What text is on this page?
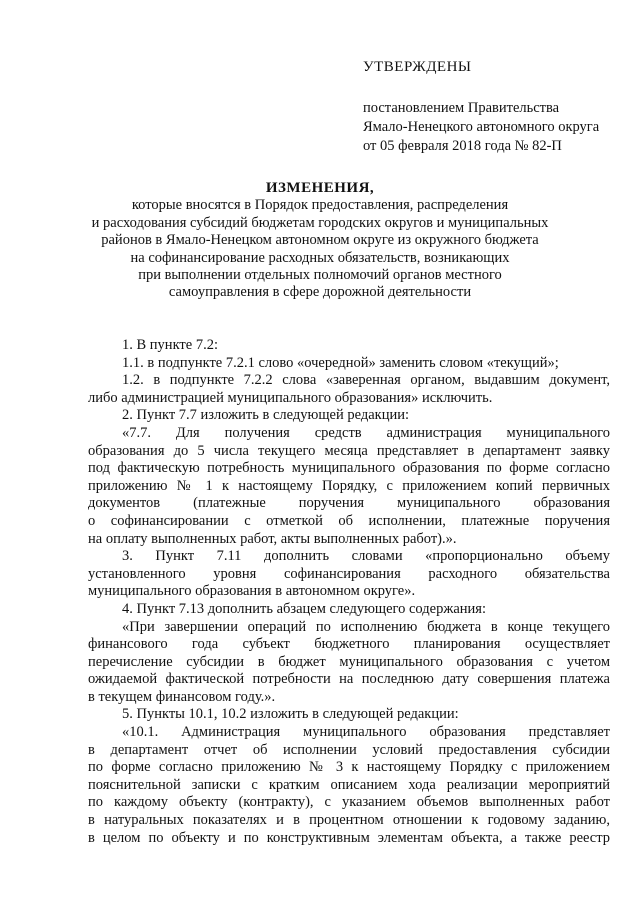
УТВЕРЖДЕНЫ
постановлением Правительства
Ямало-Ненецкого автономного округа
от 05 февраля 2018 года № 82-П
ИЗМЕНЕНИЯ,
которые вносятся в Порядок предоставления, распределения
и расходования субсидий бюджетам городских округов и муниципальных
районов в Ямало-Ненецком автономном округе из окружного бюджета
на софинансирование расходных обязательств, возникающих
при выполнении отдельных полномочий органов местного
самоуправления в сфере дорожной деятельности
1. В пункте 7.2:
1.1. в подпункте 7.2.1 слово «очередной» заменить словом «текущий»;
1.2. в подпункте 7.2.2 слова «заверенная органом, выдавшим документ,
либо администрацией муниципального образования» исключить.
2. Пункт 7.7 изложить в следующей редакции:
«7.7. Для получения средств администрация муниципального
образования до 5 числа текущего месяца представляет в департамент заявку
под фактическую потребность муниципального образования по форме согласно
приложению № 1 к настоящему Порядку, с приложением копий первичных
документов (платежные поручения муниципального образования
о софинансировании с отметкой об исполнении, платежные поручения
на оплату выполненных работ, акты выполненных работ).».
3. Пункт 7.11 дополнить словами «пропорционально объему
установленного уровня софинансирования расходного обязательства
муниципального образования в автономном округе».
4. Пункт 7.13 дополнить абзацем следующего содержания:
«При завершении операций по исполнению бюджета в конце текущего
финансового года субъект бюджетного планирования осуществляет
перечисление субсидии в бюджет муниципального образования с учетом
ожидаемой фактической потребности на последнюю дату совершения платежа
в текущем финансовом году.».
5. Пункты 10.1, 10.2 изложить в следующей редакции:
«10.1. Администрация муниципального образования представляет
в департамент отчет об исполнении условий предоставления субсидии
по форме согласно приложению № 3 к настоящему Порядку с приложением
пояснительной записки с кратким описанием хода реализации мероприятий
по каждому объекту (контракту), с указанием объемов выполненных работ
в натуральных показателях и в процентном отношении к годовому заданию,
в целом по объекту и по конструктивным элементам объекта, а также реестр
